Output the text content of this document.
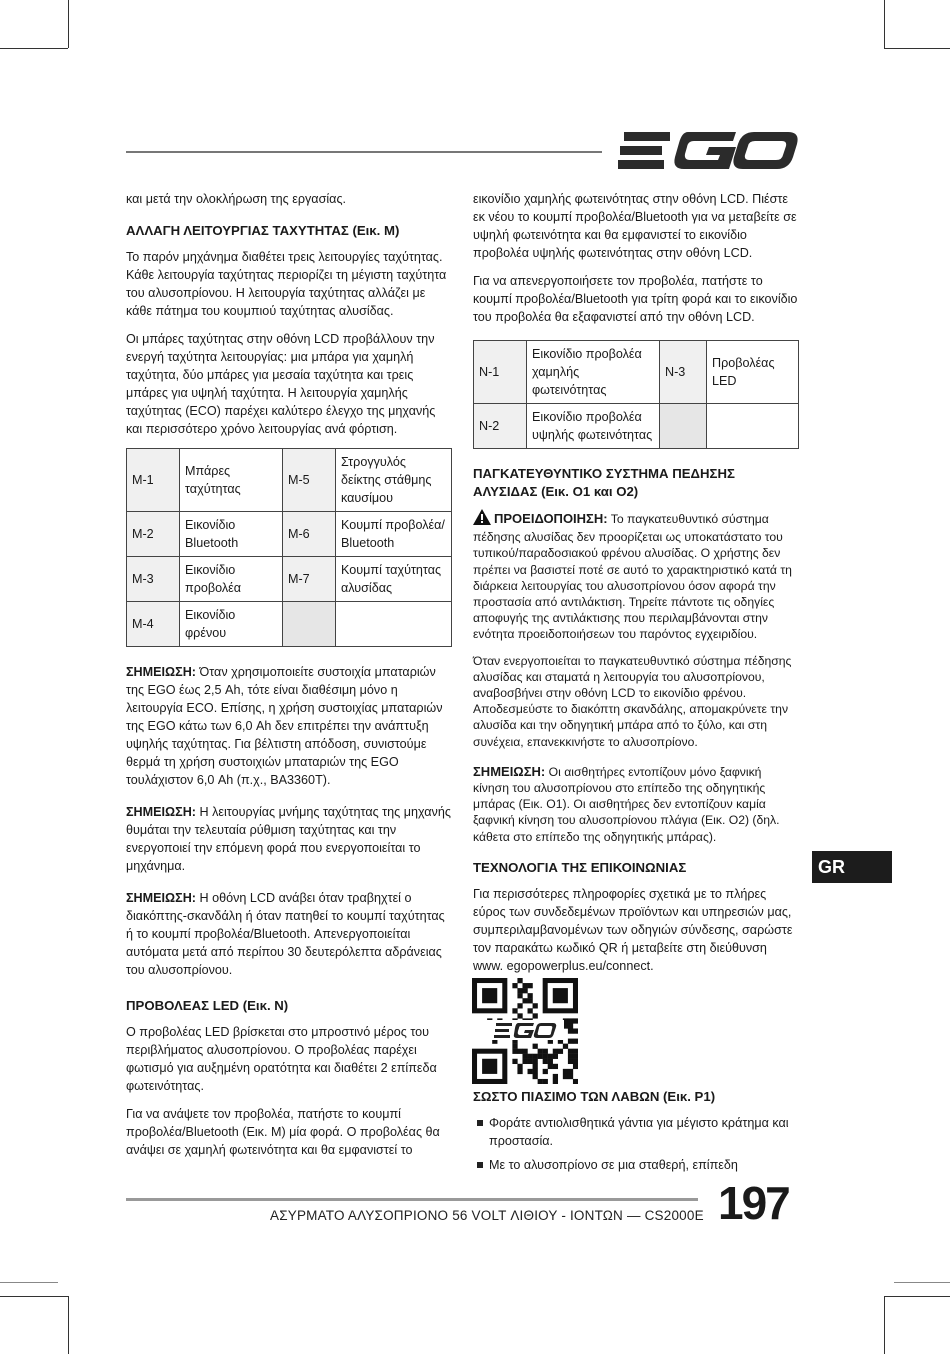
και μετά την ολοκλήρωση της εργασίας.

ΑΛΛΑΓΗ ΛΕΙΤΟΥΡΓΙΑΣ ΤΑΧΥΤΗΤΑΣ (Εικ. M)

Το παρόν μηχάνημα διαθέτει τρεις λειτουργίες ταχύτητας. Κάθε λειτουργία ταχύτητας περιορίζει τη μέγιστη ταχύτητα του αλυσοπρίονου. Η λειτουργία ταχύτητας αλλάζει με κάθε πάτημα του κουμπιού ταχύτητας αλυσίδας.

Οι μπάρες ταχύτητας στην οθόνη LCD προβάλλουν την ενεργή ταχύτητα λειτουργίας: μια μπάρα για χαμηλή ταχύτητα, δύο μπάρες για μεσαία ταχύτητα και τρεις μπάρες για υψηλή ταχύτητα. Η λειτουργία χαμηλής ταχύτητας (ECO) παρέχει καλύτερο έλεγχο της μηχανής και περισσότερο χρόνο λειτουργίας ανά φόρτιση.

M-1	Μπάρες ταχύτητας	M-5	Στρογγυλός δείκτης στάθμης καυσίμου
M-2	Εικονίδιο Bluetooth	M-6	Κουμπί προβολέα/ Bluetooth
M-3	Εικονίδιο προβολέα	M-7	Κουμπί ταχύτητας αλυσίδας
M-4	Εικονίδιο φρένου		

ΣΗΜΕΙΩΣΗ: Όταν χρησιμοποιείτε συστοιχία μπαταριών της EGO έως 2,5 Ah, τότε είναι διαθέσιμη μόνο η λειτουργία ECO. Επίσης, η χρήση συστοιχίας μπαταριών της EGO κάτω των 6,0 Ah δεν επιτρέπει την ανάπτυξη υψηλής ταχύτητας. Για βέλτιστη απόδοση, συνιστούμε θερμά τη χρήση συστοιχιών μπαταριών της EGO τουλάχιστον 6,0 Ah (π.χ., BA3360T).

ΣΗΜΕΙΩΣΗ: Η λειτουργίας μνήμης ταχύτητας της μηχανής θυμάται την τελευταία ρύθμιση ταχύτητας και την ενεργοποιεί την επόμενη φορά που ενεργοποιείται το μηχάνημα.

ΣΗΜΕΙΩΣΗ: Η οθόνη LCD ανάβει όταν τραβηχτεί ο διακόπτης-σκανδάλη ή όταν πατηθεί το κουμπί ταχύτητας ή το κουμπί προβολέα/Bluetooth. Απενεργοποιείται αυτόματα μετά από περίπου 30 δευτερόλεπτα αδράνειας του αλυσοπρίονου.

ΠΡΟΒΟΛΕΑΣ LED (Εικ. N)

Ο προβολέας LED βρίσκεται στο μπροστινό μέρος του περιβλήματος αλυσοπρίονου. Ο προβολέας παρέχει φωτισμό για αυξημένη ορατότητα και διαθέτει 2 επίπεδα φωτεινότητας.

Για να ανάψετε τον προβολέα, πατήστε το κουμπί προβολέα/Bluetooth (Εικ. M) μία φορά. Ο προβολέας θα ανάψει σε χαμηλή φωτεινότητα και θα εμφανιστεί το

εικονίδιο χαμηλής φωτεινότητας στην οθόνη LCD. Πιέστε εκ νέου το κουμπί προβολέα/Bluetooth για να μεταβείτε σε υψηλή φωτεινότητα και θα εμφανιστεί το εικονίδιο προβολέα υψηλής φωτεινότητας στην οθόνη LCD.

Για να απενεργοποιήσετε τον προβολέα, πατήστε το κουμπί προβολέα/Bluetooth για τρίτη φορά και το εικονίδιο του προβολέα θα εξαφανιστεί από την οθόνη LCD.

N-1	Εικονίδιο προβολέα χαμηλής φωτεινότητας	N-3	Προβολέας LED
N-2	Εικονίδιο προβολέα υψηλής φωτεινότητας		
ΠΑΓΚΑΤΕΥΘΥΝΤΙΚΟ ΣΥΣΤΗΜΑ ΠΕΔΗΣΗΣ ΑΛΥΣΙΔΑΣ (Εικ. O1 και O2)

ΠΡΟΕΙΔΟΠΟΙΗΣΗ: Το παγκατευθυντικό σύστημα πέδησης αλυσίδας δεν προορίζεται ως υποκατάστατο του τυπικού/παραδοσιακού φρένου αλυσίδας. Ο χρήστης δεν πρέπει να βασιστεί ποτέ σε αυτό το χαρακτηριστικό κατά τη διάρκεια λειτουργίας του αλυσοπρίονου όσον αφορά την προστασία από αντιλάκτιση. Τηρείτε πάντοτε τις οδηγίες αποφυγής της αντιλάκτισης που περιλαμβάνονται στην ενότητα προειδοποιήσεων του παρόντος εγχειριδίου.

Όταν ενεργοποιείται το παγκατευθυντικό σύστημα πέδησης αλυσίδας και σταματά η λειτουργία του αλυσοπρίονου, αναβοσβήνει στην οθόνη LCD το εικονίδιο φρένου. Αποδεσμεύστε το διακόπτη σκανδάλης, απομακρύνετε την αλυσίδα και την οδηγητική μπάρα από το ξύλο, και στη συνέχεια, επανεκκινήστε το αλυσοπρίονο.

ΣΗΜΕΙΩΣΗ: Οι αισθητήρες εντοπίζουν μόνο ξαφνική κίνηση του αλυσοπρίονου στο επίπεδο της οδηγητικής μπάρας (Εικ. O1). Οι αισθητήρες δεν εντοπίζουν καμία ξαφνική κίνηση του αλυσοπρίονου πλάγια (Εικ. O2) (δηλ. κάθετα στο επίπεδο της οδηγητικής μπάρας).

ΤΕΧΝΟΛΟΓΙΑ ΤΗΣ ΕΠΙΚΟΙΝΩΝΙΑΣ

Για περισσότερες πληροφορίες σχετικά με το πλήρες εύρος των συνδεδεμένων προϊόντων και υπηρεσιών μας, συμπεριλαμβανομένων των οδηγιών σύνδεσης, σαρώστε τον παρακάτω κωδικό QR ή μεταβείτε στη διεύθυνση www. egopowerplus.eu/connect.

ΣΩΣΤΟ ΠΙΑΣΙΜΟ ΤΩΝ ΛΑΒΩΝ (Εικ. P1)
Φοράτε αντιολισθητικά γάντια για μέγιστο κράτημα και προστασία.
Με το αλυσοπρίονο σε μια σταθερή, επίπεδη
GR
ΑΣΥΡΜΑΤΟ ΑΛΥΣΟΠΡΙΟΝΟ 56 VOLT ΛΙΘΙΟΥ - ΙΟΝΤΩΝ — CS2000E 197
